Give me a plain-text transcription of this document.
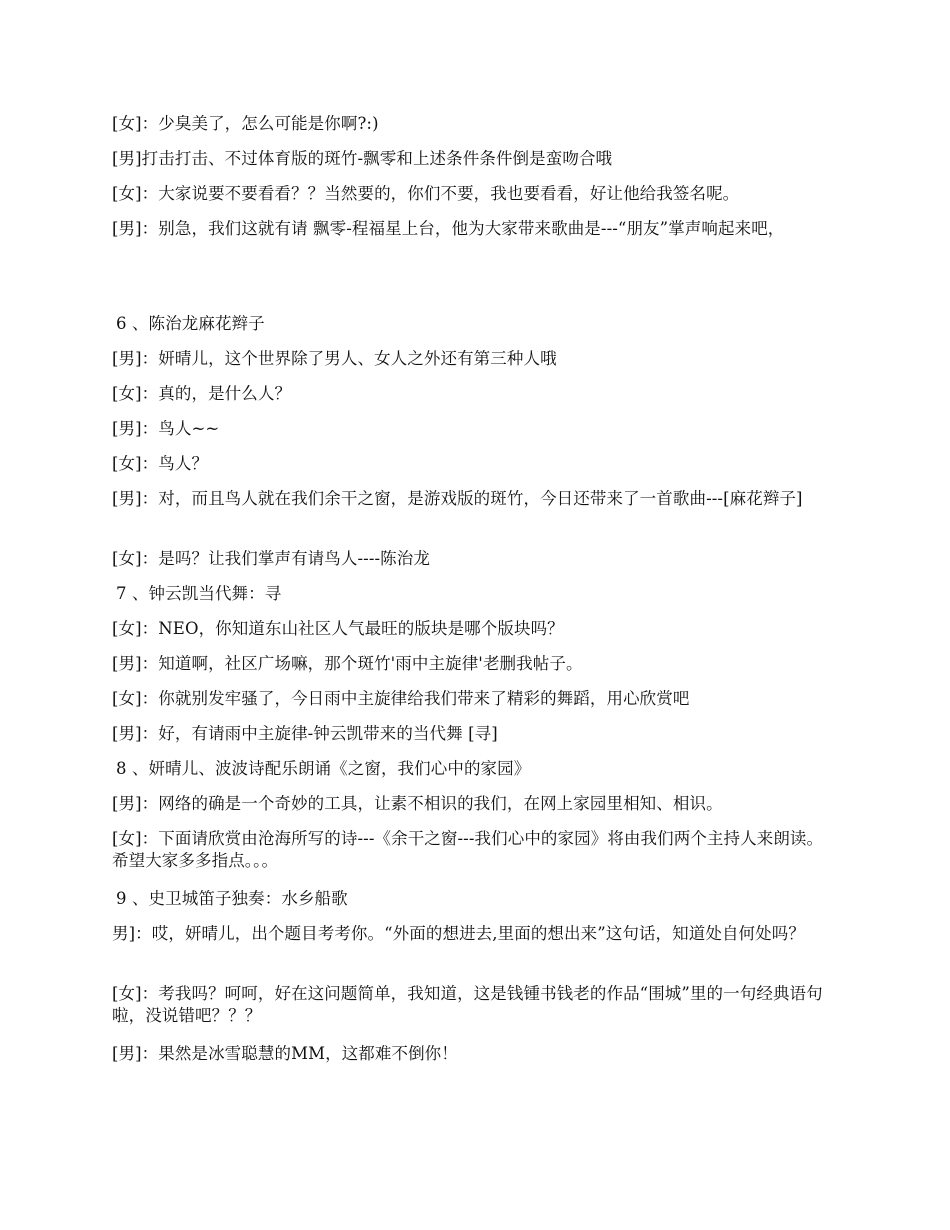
[女]：少臭美了，怎么可能是你啊?:)
[男]打击打击、不过体育版的斑竹-飘零和上述条件条件倒是蛮吻合哦
[女]：大家说要不要看看？？当然要的，你们不要，我也要看看，好让他给我签名呢。
[男]：别急，我们这就有请 飘零-程福星上台，他为大家带来歌曲是---“朋友”掌声响起来吧，
6 、陈治龙麻花辫子
[男]：妍晴儿，这个世界除了男人、女人之外还有第三种人哦
[女]：真的，是什么人？
[男]：鸟人~~
[女]：鸟人？
[男]：对，而且鸟人就在我们余干之窗，是游戏版的斑竹，今日还带来了一首歌曲---[麻花辫子]
[女]：是吗？让我们掌声有请鸟人----陈治龙
7 、钟云凯当代舞：寻
[女]：NEO，你知道东山社区人气最旺的版块是哪个版块吗？
[男]：知道啊，社区广场嘛，那个斑竹'雨中主旋律'老删我帖子。
[女]：你就别发牢骚了，今日雨中主旋律给我们带来了精彩的舞蹈，用心欣赏吧
[男]：好，有请雨中主旋律-钟云凯带来的当代舞 [寻]
8 、妍晴儿、波波诗配乐朗诵《之窗，我们心中的家园》
[男]：网络的确是一个奇妙的工具，让素不相识的我们，在网上家园里相知、相识。
[女]：下面请欣赏由沧海所写的诗---《余干之窗---我们心中的家园》将由我们两个主持人来朗读。希望大家多多指点。。。
9 、史卫城笛子独奏：水乡船歌
男]：哎，妍晴儿，出个题目考考你。“外面的想进去,里面的想出来”这句话，知道处自何处吗？
[女]：考我吗？呵呵，好在这问题简单，我知道，这是钱锺书钱老的作品“围城”里的一句经典语句啦，没说错吧？？？
[男]：果然是冰雪聪慧的MM，这都难不倒你！
